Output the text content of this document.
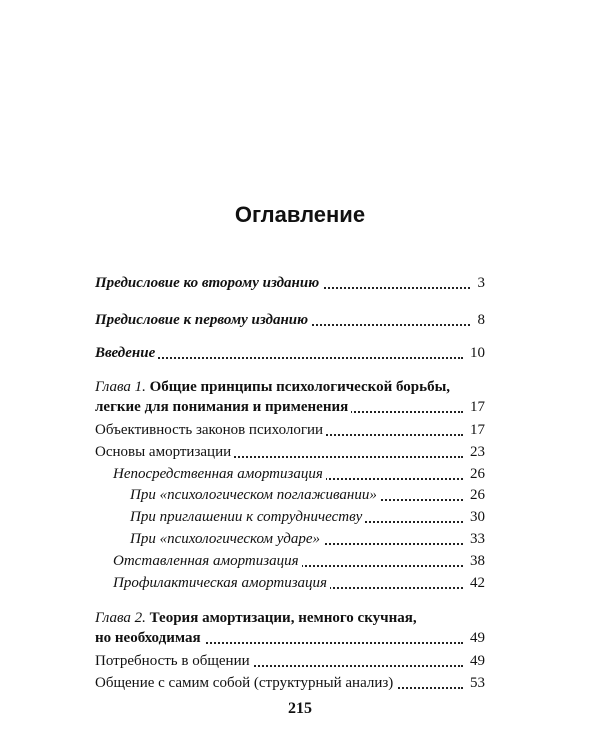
Оглавление
Предисловие ко второму изданию	3
Предисловие к первому изданию	8
Введение	10
Глава 1. Общие принципы психологической борьбы,
легкие для понимания и применения	17
Объективность законов психологии	17
Основы амортизации	23
Непосредственная амортизация	26
При «психологическом поглаживании»	26
При приглашении к сотрудничеству	30
При «психологическом ударе»	33
Отставленная амортизация	38
Профилактическая амортизация	42
Глава 2. Теория амортизации, немного скучная,
но необходимая	49
Потребность в общении	49
Общение с самим собой (структурный анализ)	53
215
